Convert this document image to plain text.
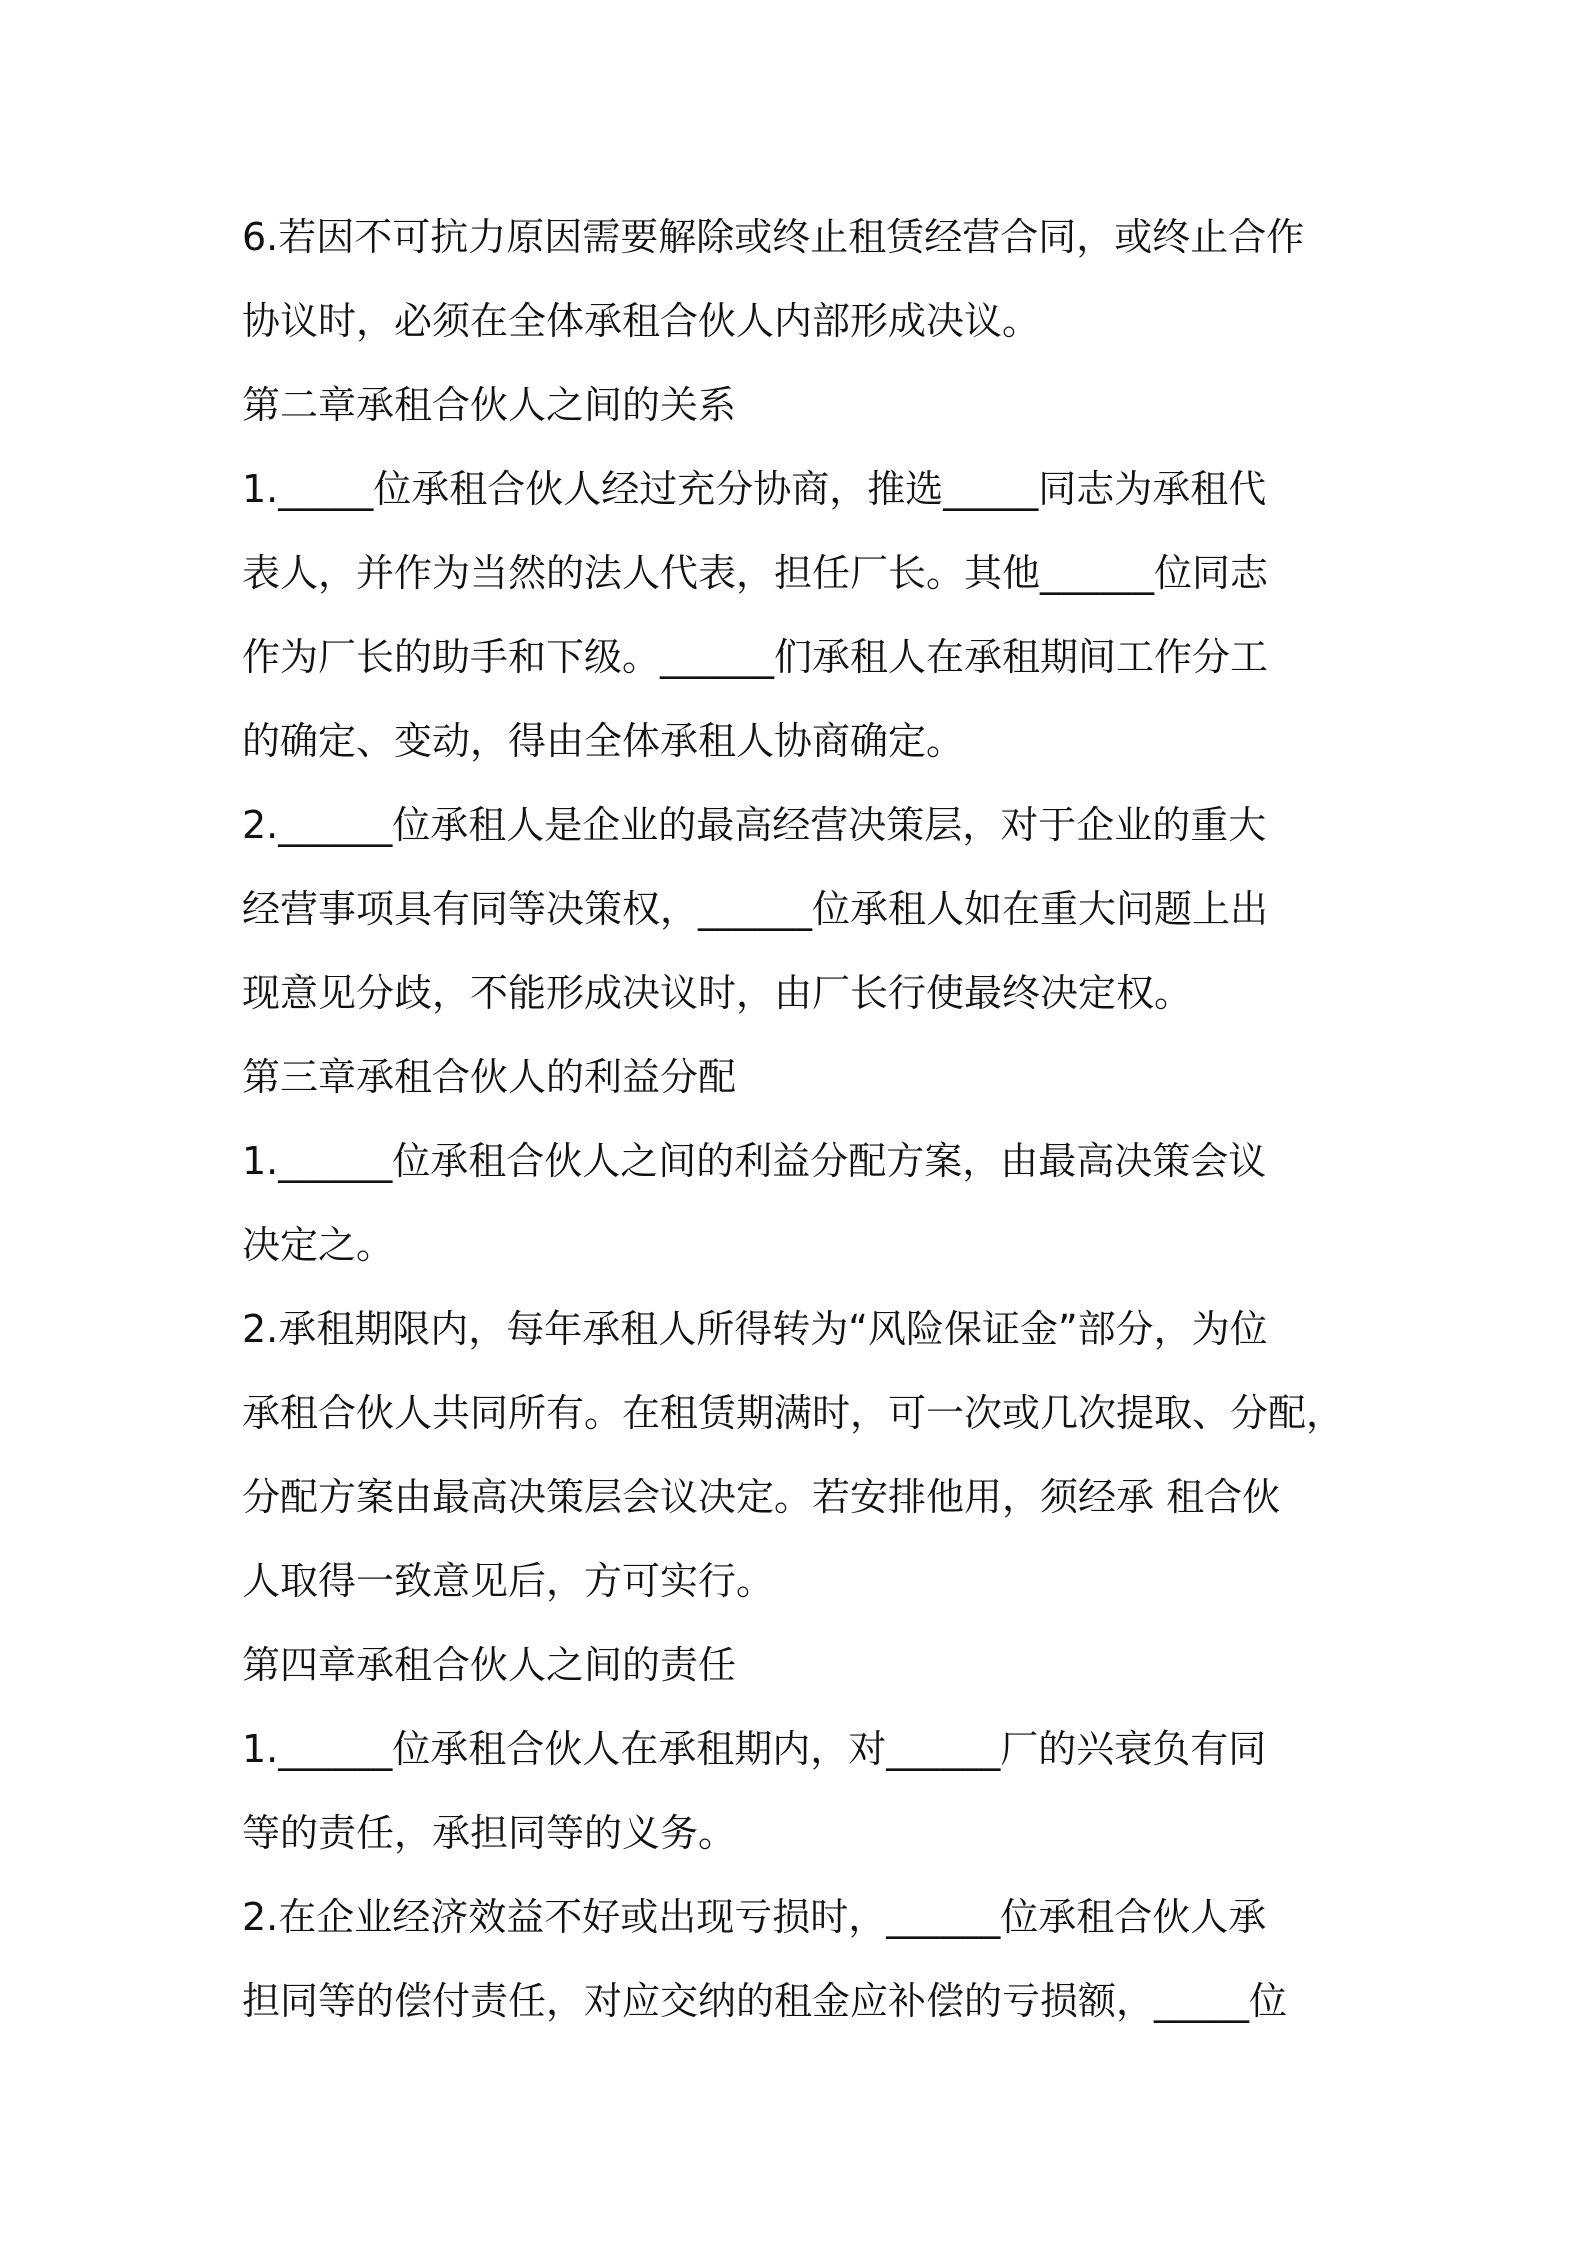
6.若因不可抗力原因需要解除或终止租赁经营合同，或终止合作

协议时，必须在全体承租合伙人内部形成决议。

第二章承租合伙人之间的关系

1._____位承租合伙人经过充分协商，推选_____同志为承租代

表人，并作为当然的法人代表，担任厂长。其他______位同志

作为厂长的助手和下级。______们承租人在承租期间工作分工

的确定、变动，得由全体承租人协商确定。

2.______位承租人是企业的最高经营决策层，对于企业的重大

经营事项具有同等决策权，______位承租人如在重大问题上出

现意见分歧，不能形成决议时，由厂长行使最终决定权。

第三章承租合伙人的利益分配

1.______位承租合伙人之间的利益分配方案，由最高决策会议

决定之。

2.承租期限内，每年承租人所得转为“风险保证金”部分，为位

承租合伙人共同所有。在租赁期满时，可一次或几次提取、分配，

分配方案由最高决策层会议决定。若安排他用，须经承 租合伙

人取得一致意见后，方可实行。

第四章承租合伙人之间的责任

1.______位承租合伙人在承租期内，对______厂的兴衰负有同

等的责任，承担同等的义务。

2.在企业经济效益不好或出现亏损时，______位承租合伙人承

担同等的偿付责任，对应交纳的租金应补偿的亏损额，_____位
